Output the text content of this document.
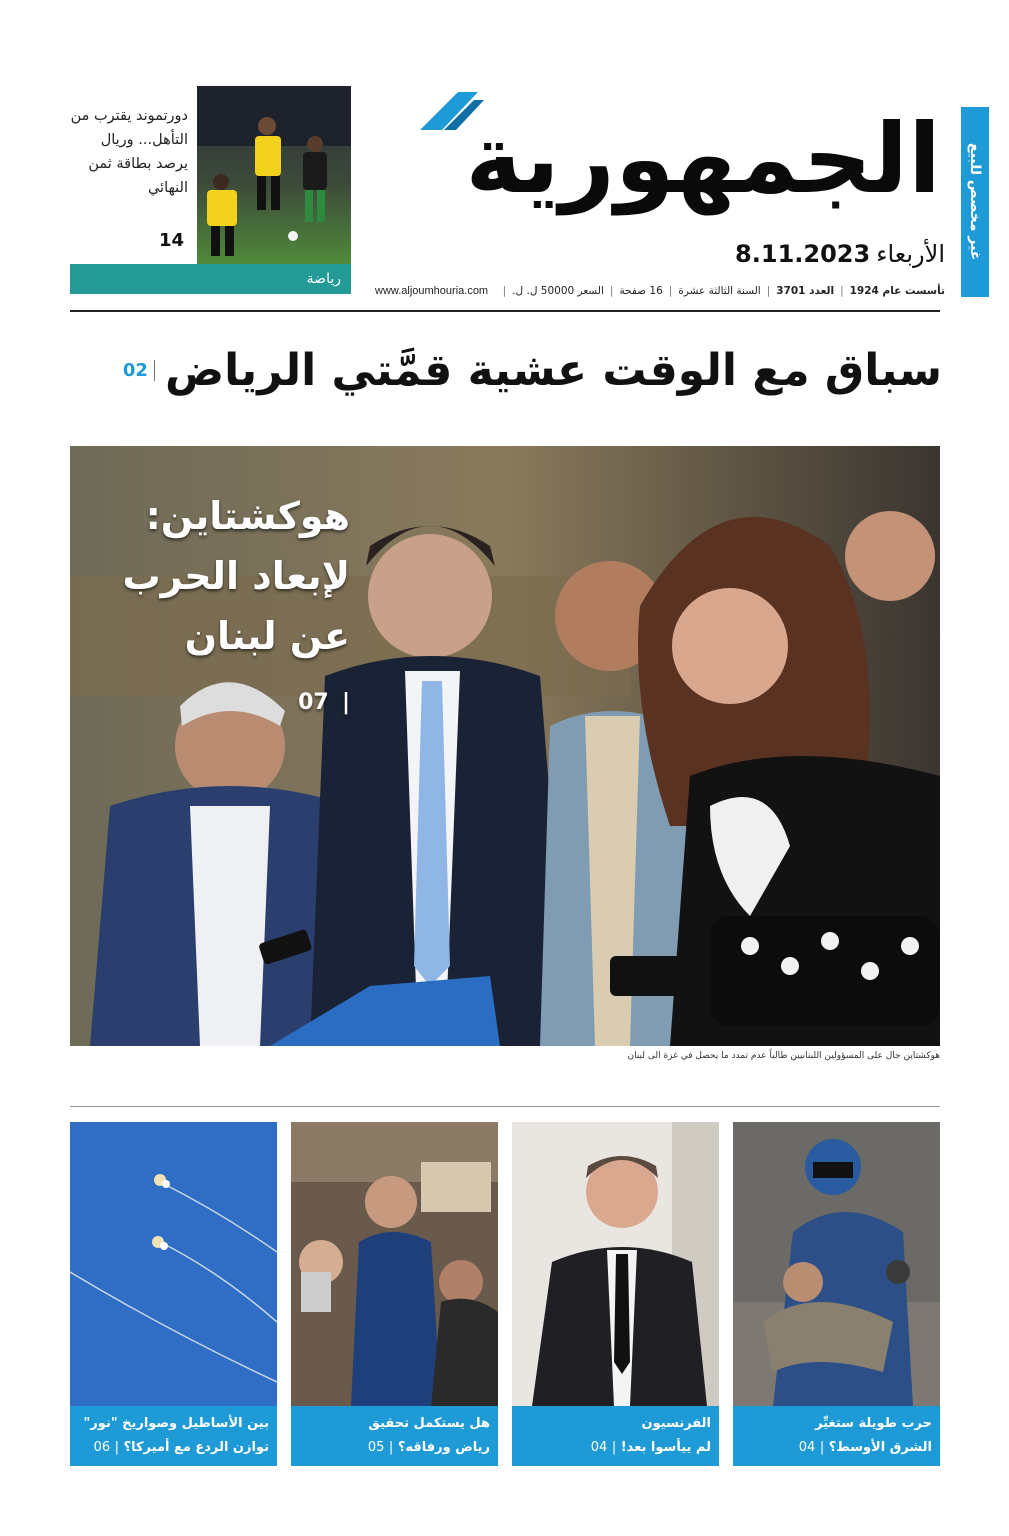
غير مخصص للبيع
الجمهورية
8.11.2023 الأربعاء
تأسست عام 1924
|
العدد 3701
|
السنة الثالثة عشرة
|
16 صفحة
|
السعر 50000 ل. ل.
|
www.aljoumhouria.com
دورتموند يقترب من التأهل... وريال يرصد بطاقة ثمن النهائي
14
رياضة
02 سباق مع الوقت عشية قمَّتي الرياض
هوكشتاين:
لإبعاد الحرب
عن لبنان
| 07
هوكشتاين جال على المسؤولين اللبنانيين طالباً عدم تمدد ما يحصل في غزة الى لبنان
حرب طويلة ستغيِّر
الشرق الأوسط؟ | 04
الفرنسيون
لم ييأسوا بعد! | 04
هل يستكمل تحقيق
رياض ورفاقه؟ | 05
بين الأساطيل وصواريخ "نور"
توازن الردع مع أميركا؟ | 06
